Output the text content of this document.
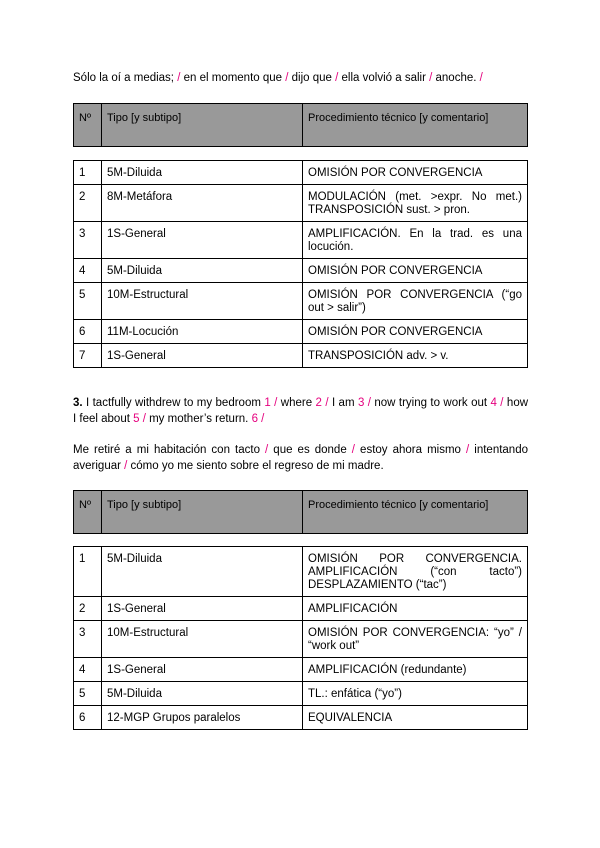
Sólo la oí a medias; / en el momento que / dijo que / ella volvió a salir / anoche. /
Nº	Tipo [y subtipo]	Procedimiento técnico [y comentario]
1	5M-Diluida	OMISIÓN POR CONVERGENCIA
2	8M-Metáfora	MODULACIÓN (met. >expr. No met.) TRANSPOSICIÓN sust. > pron.
3	1S-General	AMPLIFICACIÓN. En la trad. es una locución.
4	5M-Diluida	OMISIÓN POR CONVERGENCIA
5	10M-Estructural	OMISIÓN POR CONVERGENCIA (“go out > salir”)
6	11M-Locución	OMISIÓN POR CONVERGENCIA
7	1S-General	TRANSPOSICIÓN adv. > v.
3. I tactfully withdrew to my bedroom 1 / where 2 / I am 3 / now trying to work out 4 / how I feel about 5 / my mother’s return. 6 /
Me retiré a mi habitación con tacto / que es donde / estoy ahora mismo / intentando averiguar / cómo yo me siento sobre el regreso de mi madre.
Nº	Tipo [y subtipo]	Procedimiento técnico [y comentario]
1	5M-Diluida	OMISIÓN POR CONVERGENCIA. AMPLIFICACIÓN (“con tacto”) DESPLAZAMIENTO (“tac”)
2	1S-General	AMPLIFICACIÓN
3	10M-Estructural	OMISIÓN POR CONVERGENCIA: “yo” / “work out”
4	1S-General	AMPLIFICACIÓN (redundante)
5	5M-Diluida	TL.: enfática (“yo”)
6	12-MGP Grupos paralelos	EQUIVALENCIA
